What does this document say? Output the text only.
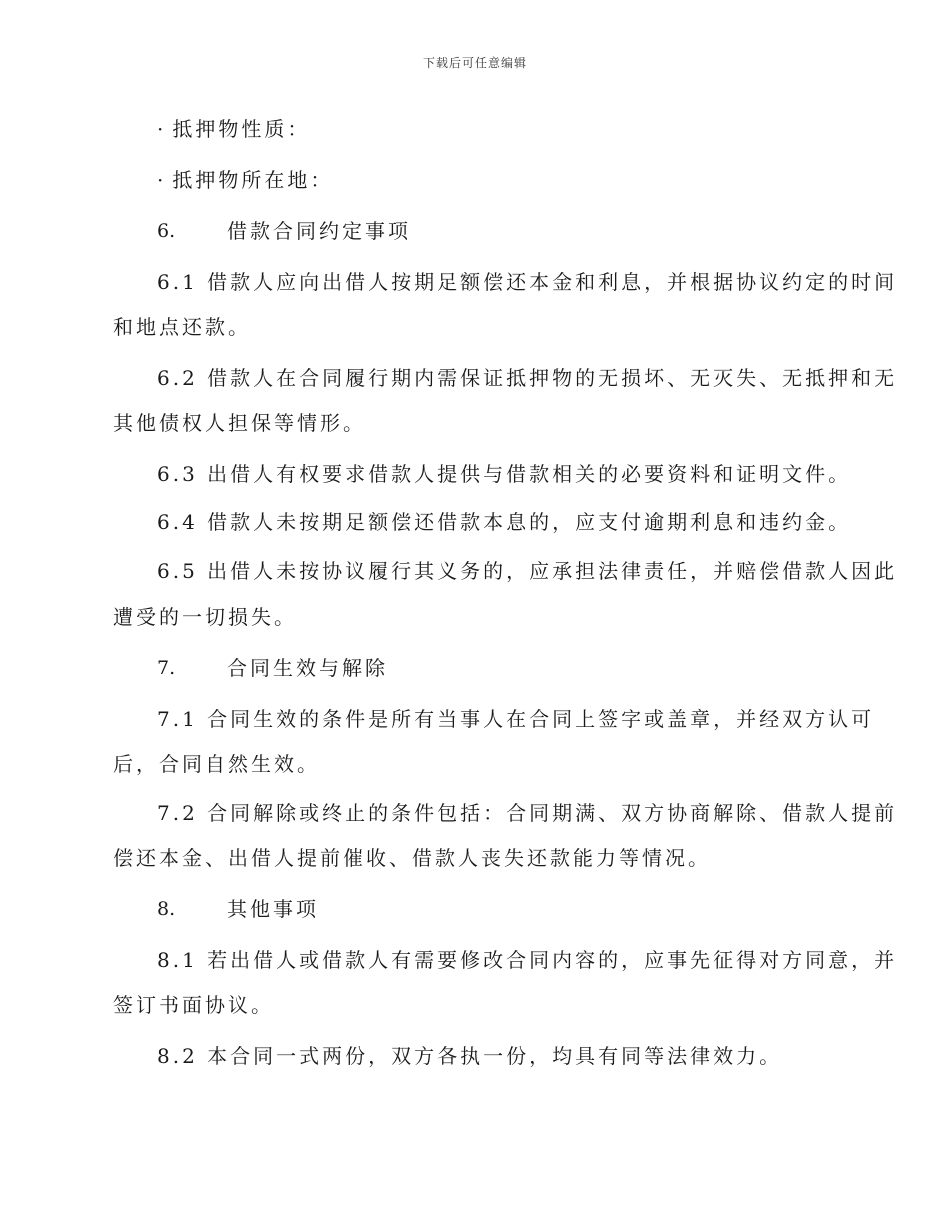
下载后可任意编辑
· 抵押物性质：
· 抵押物所在地：
6.	借款合同约定事项
6.1 借款人应向出借人按期足额偿还本金和利息，并根据协议约定的时间
和地点还款。
6.2 借款人在合同履行期内需保证抵押物的无损坏、无灭失、无抵押和无
其他债权人担保等情形。
6.3 出借人有权要求借款人提供与借款相关的必要资料和证明文件。
6.4 借款人未按期足额偿还借款本息的，应支付逾期利息和违约金。
6.5 出借人未按协议履行其义务的，应承担法律责任，并赔偿借款人因此
遭受的一切损失。
7.	合同生效与解除
7.1 合同生效的条件是所有当事人在合同上签字或盖章，并经双方认可
后，合同自然生效。
7.2 合同解除或终止的条件包括：合同期满、双方协商解除、借款人提前
偿还本金、出借人提前催收、借款人丧失还款能力等情况。
8.	其他事项
8.1 若出借人或借款人有需要修改合同内容的，应事先征得对方同意，并
签订书面协议。
8.2 本合同一式两份，双方各执一份，均具有同等法律效力。
